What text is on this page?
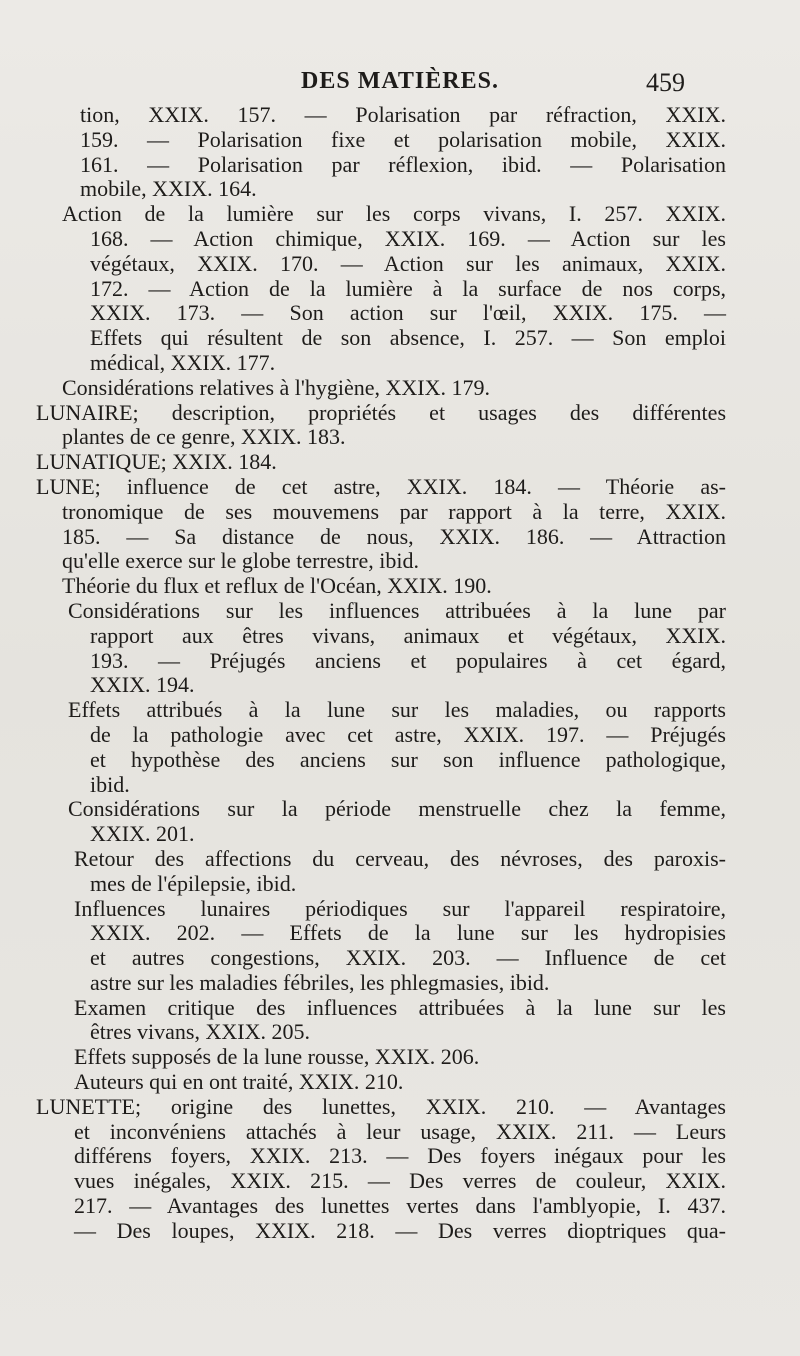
DES MATIÈRES.	459
tion, XXIX. 157. — Polarisation par réfraction, XXIX.
159. — Polarisation fixe et polarisation mobile, XXIX.
161. — Polarisation par réflexion, ibid. — Polarisation
mobile, XXIX. 164.
Action de la lumière sur les corps vivans, I. 257. XXIX.
168. — Action chimique, XXIX. 169. — Action sur les
végétaux, XXIX. 170. — Action sur les animaux, XXIX.
172. — Action de la lumière à la surface de nos corps,
XXIX. 173. — Son action sur l'œil, XXIX. 175. —
Effets qui résultent de son absence, I. 257. — Son emploi
médical, XXIX. 177.
Considérations relatives à l'hygiène, XXIX. 179.
LUNAIRE; description, propriétés et usages des différentes
plantes de ce genre, XXIX. 183.
LUNATIQUE; XXIX. 184.
LUNE; influence de cet astre, XXIX. 184. — Théorie as-
tronomique de ses mouvemens par rapport à la terre, XXIX.
185. — Sa distance de nous, XXIX. 186. — Attraction
qu'elle exerce sur le globe terrestre, ibid.
Théorie du flux et reflux de l'Océan, XXIX. 190.
Considérations sur les influences attribuées à la lune par
rapport aux êtres vivans, animaux et végétaux, XXIX.
193. — Préjugés anciens et populaires à cet égard,
XXIX. 194.
Effets attribués à la lune sur les maladies, ou rapports
de la pathologie avec cet astre, XXIX. 197. — Préjugés
et hypothèse des anciens sur son influence pathologique,
ibid.
Considérations sur la période menstruelle chez la femme,
XXIX. 201.
Retour des affections du cerveau, des névroses, des paroxis-
mes de l'épilepsie, ibid.
Influences lunaires périodiques sur l'appareil respiratoire,
XXIX. 202. — Effets de la lune sur les hydropisies
et autres congestions, XXIX. 203. — Influence de cet
astre sur les maladies fébriles, les phlegmasies, ibid.
Examen critique des influences attribuées à la lune sur les
êtres vivans, XXIX. 205.
Effets supposés de la lune rousse, XXIX. 206.
Auteurs qui en ont traité, XXIX. 210.
LUNETTE; origine des lunettes, XXIX. 210. — Avantages
et inconvéniens attachés à leur usage, XXIX. 211. — Leurs
différens foyers, XXIX. 213. — Des foyers inégaux pour les
vues inégales, XXIX. 215. — Des verres de couleur, XXIX.
217. — Avantages des lunettes vertes dans l'amblyopie, I. 437.
— Des loupes, XXIX. 218. — Des verres dioptriques qua-
